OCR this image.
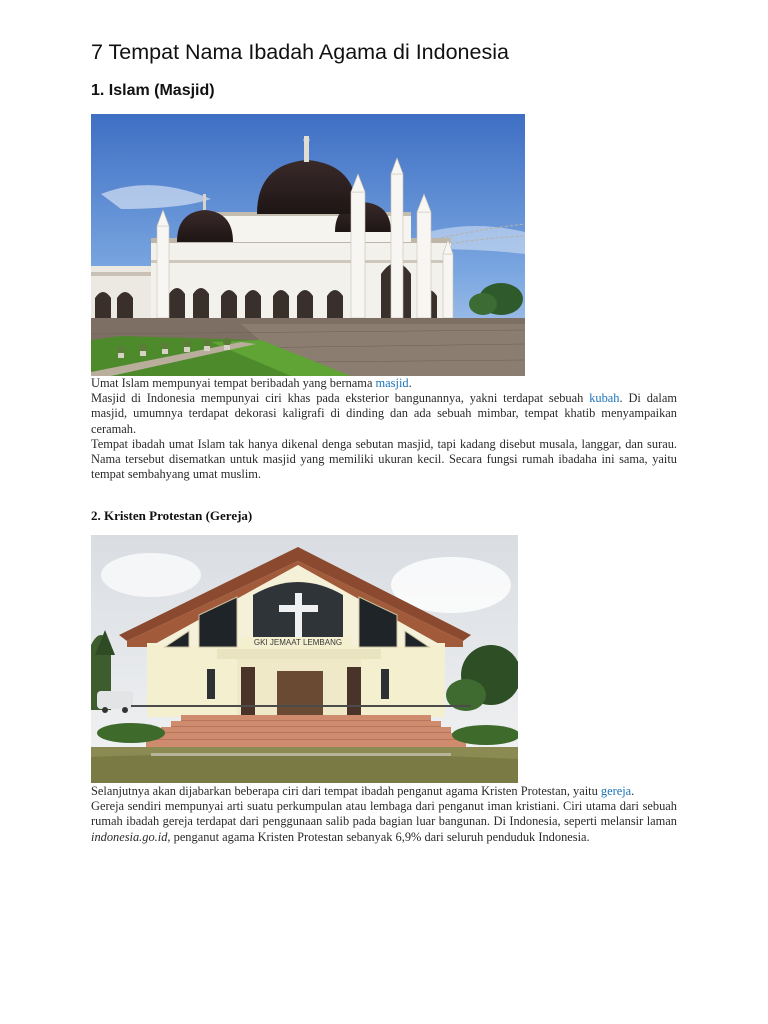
7 Tempat Nama Ibadah Agama di Indonesia
1. Islam (Masjid)

Umat Islam mempunyai tempat beribadah yang bernama masjid.

Masjid di Indonesia mempunyai ciri khas pada eksterior bangunannya, yakni terdapat sebuah kubah. Di dalam masjid, umumnya terdapat dekorasi kaligrafi di dinding dan ada sebuah mimbar, tempat khatib menyampaikan ceramah.

Tempat ibadah umat Islam tak hanya dikenal denga sebutan masjid, tapi kadang disebut musala, langgar, dan surau. Nama tersebut disematkan untuk masjid yang memiliki ukuran kecil. Secara fungsi rumah ibadaha ini sama, yaitu tempat sembahyang umat muslim.

2. Kristen Protestan (Gereja)
GKI JEMAAT LEMBANG

Selanjutnya akan dijabarkan beberapa ciri dari tempat ibadah penganut agama Kristen Protestan, yaitu gereja.

Gereja sendiri mempunyai arti suatu perkumpulan atau lembaga dari penganut iman kristiani. Ciri utama dari sebuah rumah ibadah gereja terdapat dari penggunaan salib pada bagian luar bangunan. Di Indonesia, seperti melansir laman indonesia.go.id, penganut agama Kristen Protestan sebanyak 6,9% dari seluruh penduduk Indonesia.
